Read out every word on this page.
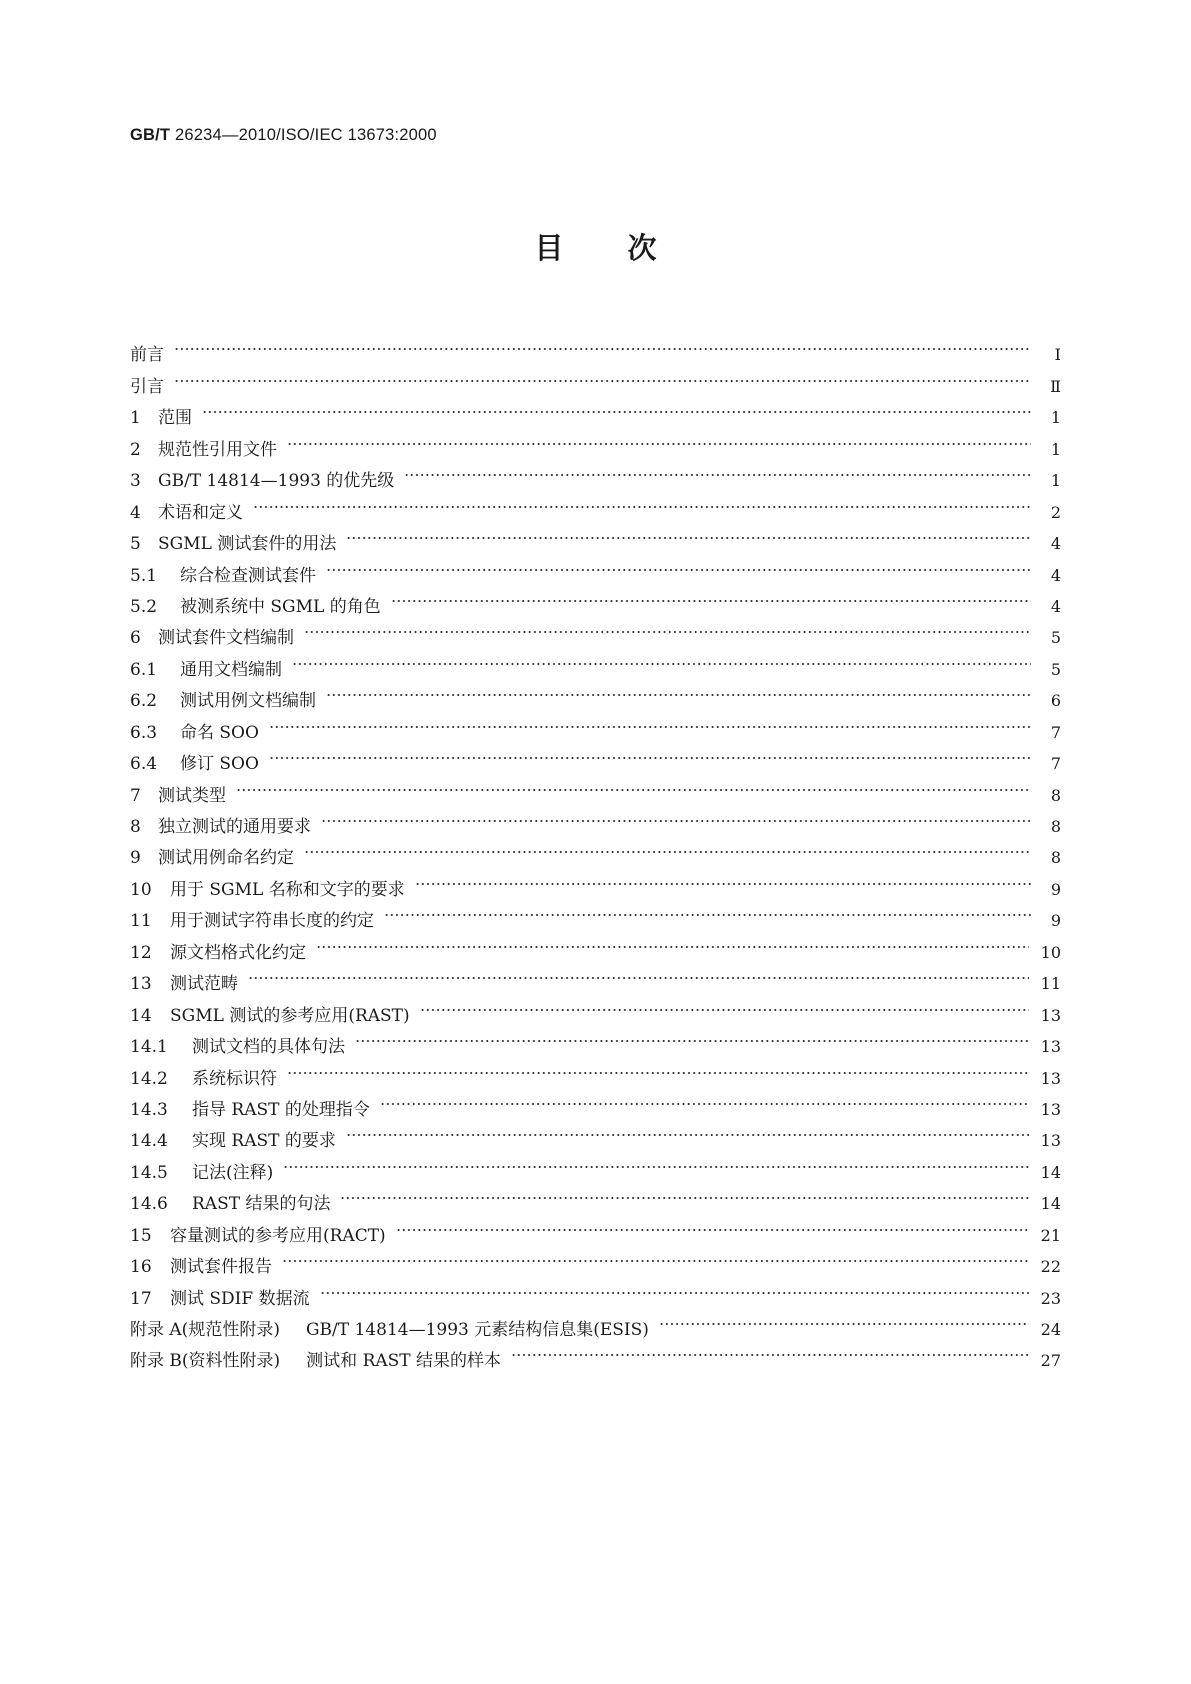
GB/T 26234—2010/ISO/IEC 13673:2000
目 次
前言	Ⅰ
引言	Ⅱ
1	范围	1
2	规范性引用文件	1
3	GB/T 14814—1993 的优先级	1
4	术语和定义	2
5	SGML 测试套件的用法	4
5.1	综合检查测试套件	4
5.2	被测系统中 SGML 的角色	4
6	测试套件文档编制	5
6.1	通用文档编制	5
6.2	测试用例文档编制	6
6.3	命名 SOO	7
6.4	修订 SOO	7
7	测试类型	8
8	独立测试的通用要求	8
9	测试用例命名约定	8
10	用于 SGML 名称和文字的要求	9
11	用于测试字符串长度的约定	9
12	源文档格式化约定	10
13	测试范畴	11
14	SGML 测试的参考应用(RAST)	13
14.1	测试文档的具体句法	13
14.2	系统标识符	13
14.3	指导 RAST 的处理指令	13
14.4	实现 RAST 的要求	13
14.5	记法(注释)	14
14.6	RAST 结果的句法	14
15	容量测试的参考应用(RACT)	21
16	测试套件报告	22
17	测试 SDIF 数据流	23
附录 A(规范性附录)	GB/T 14814—1993 元素结构信息集(ESIS)	24
附录 B(资料性附录)	测试和 RAST 结果的样本	27
